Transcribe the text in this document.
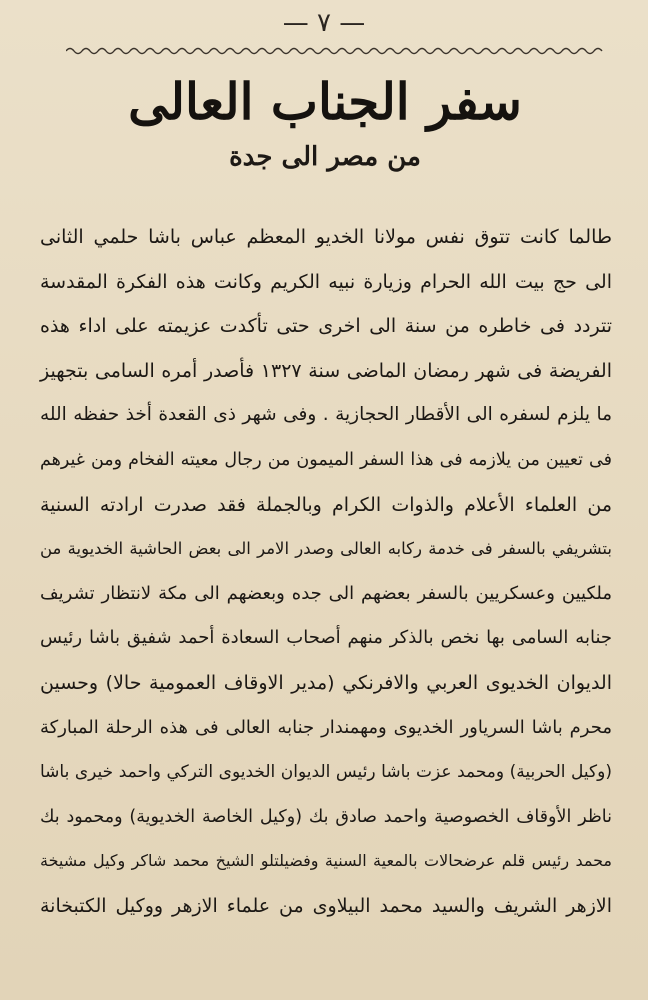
— ٧ —
سفر الجناب العالى
من مصر الى جدة
طالما كانت تتوق نفس مولانا الخديو المعظم عباس باشا حلمي الثانى
الى حج بيت الله الحرام وزيارة نبيه الكريم وكانت هذه الفكرة المقدسة
تتردد فى خاطره من سنة الى اخرى حتى تأكدت عزيمته على اداء هذه
الفريضة فى شهر رمضان الماضى سنة ١٣٢٧ فأصدر أمره السامى بتجهيز
ما يلزم لسفره الى الأقطار الحجازية . وفى شهر ذى القعدة أخذ حفظه الله
فى تعيين من يلازمه فى هذا السفر الميمون من رجال معيته الفخام ومن غيرهم
من العلماء الأعلام والذوات الكرام وبالجملة فقد صدرت ارادته السنية
بتشريفي بالسفر فى خدمة ركابه العالى وصدر الامر الى بعض الحاشية الخديوية من
ملكيين وعسكريين بالسفر بعضهم الى جده وبعضهم الى مكة لانتظار تشريف
جنابه السامى بها نخص بالذكر منهم أصحاب السعادة أحمد شفيق باشا رئيس
الديوان الخديوى العربي والافرنكي (مدير الاوقاف العمومية حالا) وحسين
محرم باشا السرياور الخديوى ومهمندار جنابه العالى فى هذه الرحلة المباركة
(وكيل الحربية) ومحمد عزت باشا رئيس الديوان الخديوى التركي واحمد خيرى باشا
ناظر الأوقاف الخصوصية واحمد صادق بك (وكيل الخاصة الخديوية) ومحمود بك
محمد رئيس قلم عرضحالات بالمعية السنية وفضيلتلو الشيخ محمد شاكر وكيل مشيخة
الازهر الشريف والسيد محمد البيلاوى من علماء الازهر ووكيل الكتبخانة
